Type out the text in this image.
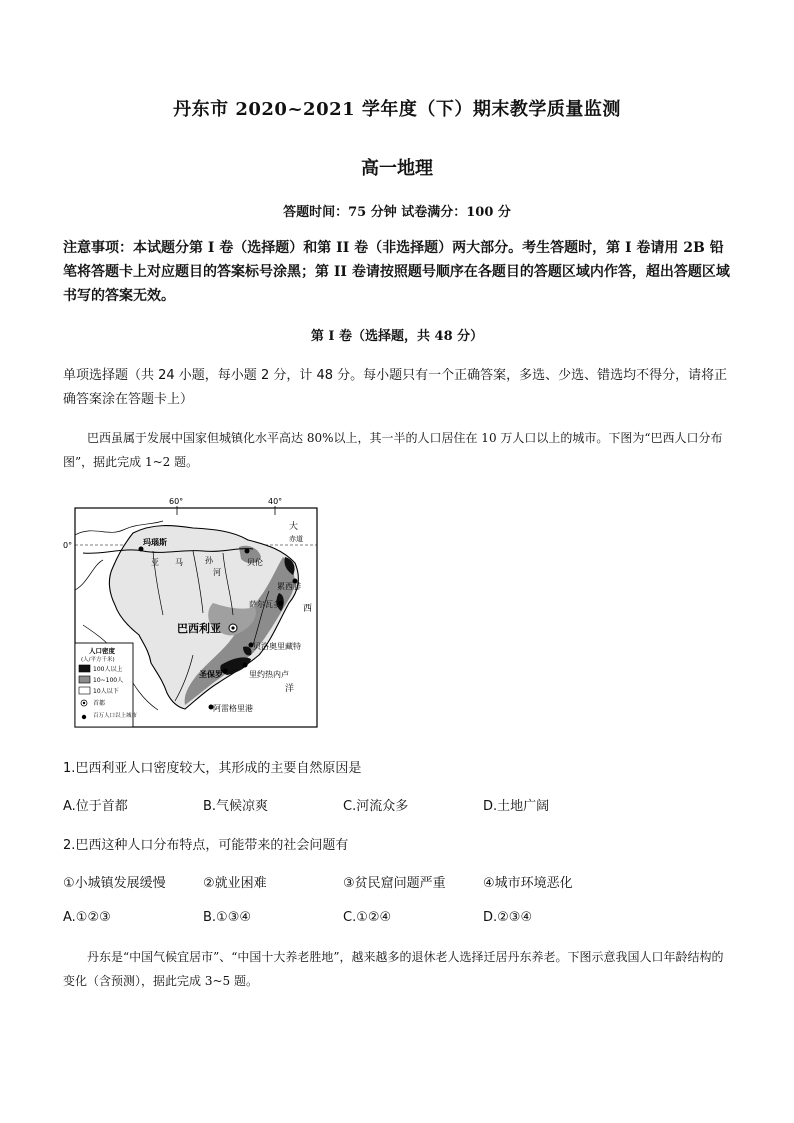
丹东市 2020~2021 学年度（下）期末教学质量监测
高一地理
答题时间：75 分钟 试卷满分：100 分
注意事项：本试题分第 I 卷（选择题）和第 II 卷（非选择题）两大部分。考生答题时，第 I 卷请用 2B 铅笔将答题卡上对应题目的答案标号涂黑；第 II 卷请按照题号顺序在各题目的答题区域内作答，超出答题区域书写的答案无效。
第 I 卷（选择题，共 48 分）
单项选择题（共 24 小题，每小题 2 分，计 48 分。每小题只有一个正确答案，多选、少选、错选均不得分，请将正确答案涂在答题卡上）
巴西虽属于发展中国家但城镇化水平高达 80%以上，其一半的人口居住在 10 万人口以上的城市。下图为“巴西人口分布图”，据此完成 1~2 题。
60°	40°
0°
赤道
亚 马	孙
河
大
西
洋
玛瑙斯
贝伦
累西腓
萨尔瓦多
巴西利亚
贝洛奥里藏特
圣保罗	里约热内卢
阿雷格里港
人口密度
(人/平方千米)
100人以上
10~100人
10人以下
首都
百万人口以上城市
1.巴西利亚人口密度较大，其形成的主要自然原因是
A.位于首都	B.气候凉爽	C.河流众多	D.土地广阔
2.巴西这种人口分布特点，可能带来的社会问题有
①小城镇发展缓慢	②就业困难	③贫民窟问题严重	④城市环境恶化
A.①②③	B.①③④	C.①②④	D.②③④
丹东是“中国气候宜居市”、“中国十大养老胜地”，越来越多的退休老人选择迁居丹东养老。下图示意我国人口年龄结构的变化（含预测），据此完成 3~5 题。
